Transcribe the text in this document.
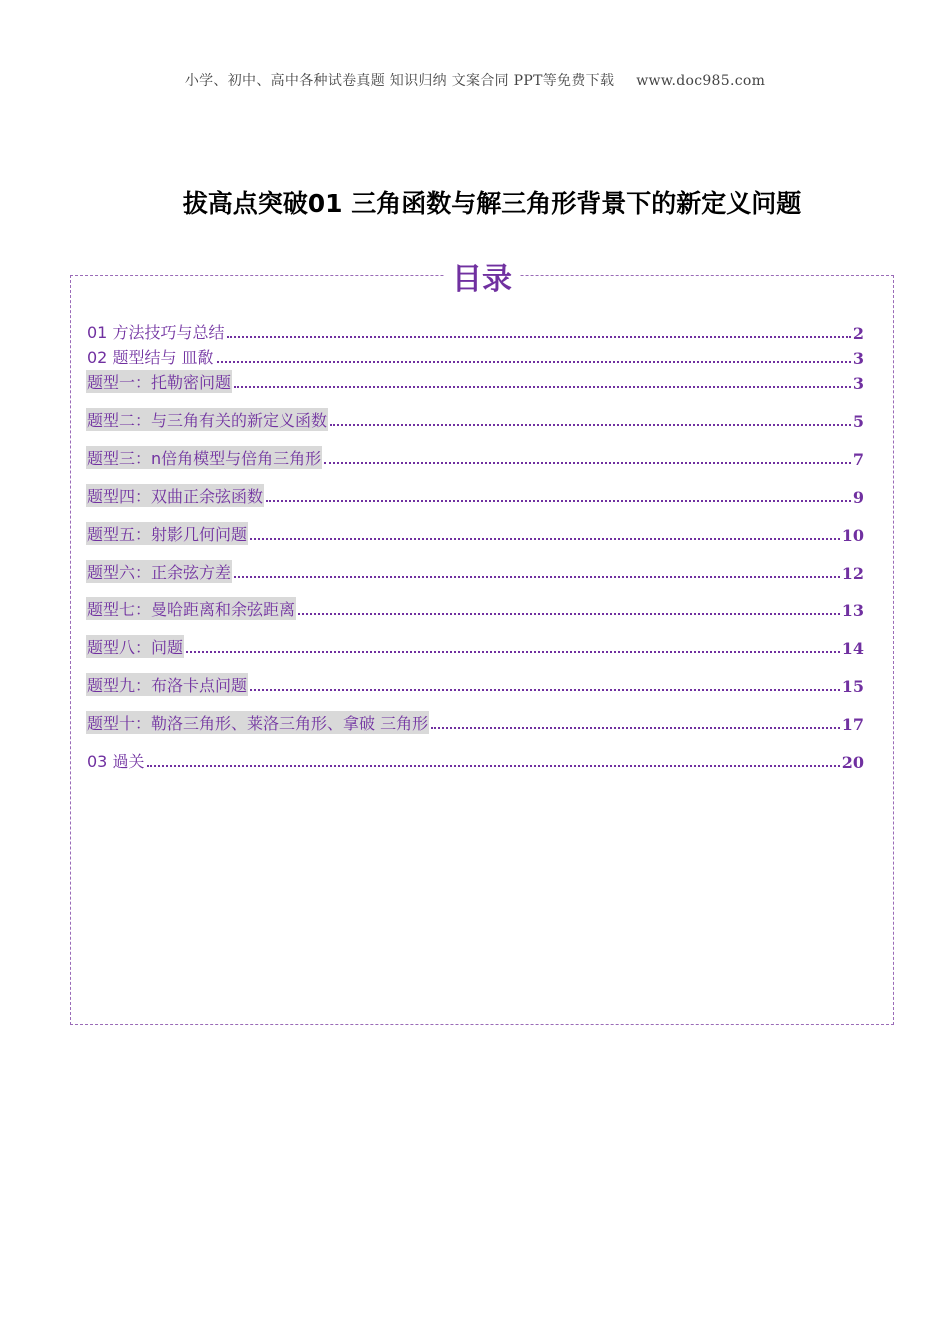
小学、初中、高中各种试卷真题 知识归纳 文案合同 PPT等免费下载 www.doc985.com
拔高点突破01 三角函数与解三角形背景下的新定义问题
目录
01 方法技巧与总结	2
02 题型结与 皿敿	3
题型一：托勒密问题	3
题型二：与三角有关的新定义函数	5
题型三：n倍角模型与倍角三角形	7
题型四：双曲正余弦函数	9
题型五：射影几何问题	10
题型六：正余弦方差	12
题型七：曼哈距离和余弦距离	13
题型八：问题	14
题型九：布洛卡点问题	15
题型十：勒洛三角形、莱洛三角形、拿破 三角形	17
03 過关	20
